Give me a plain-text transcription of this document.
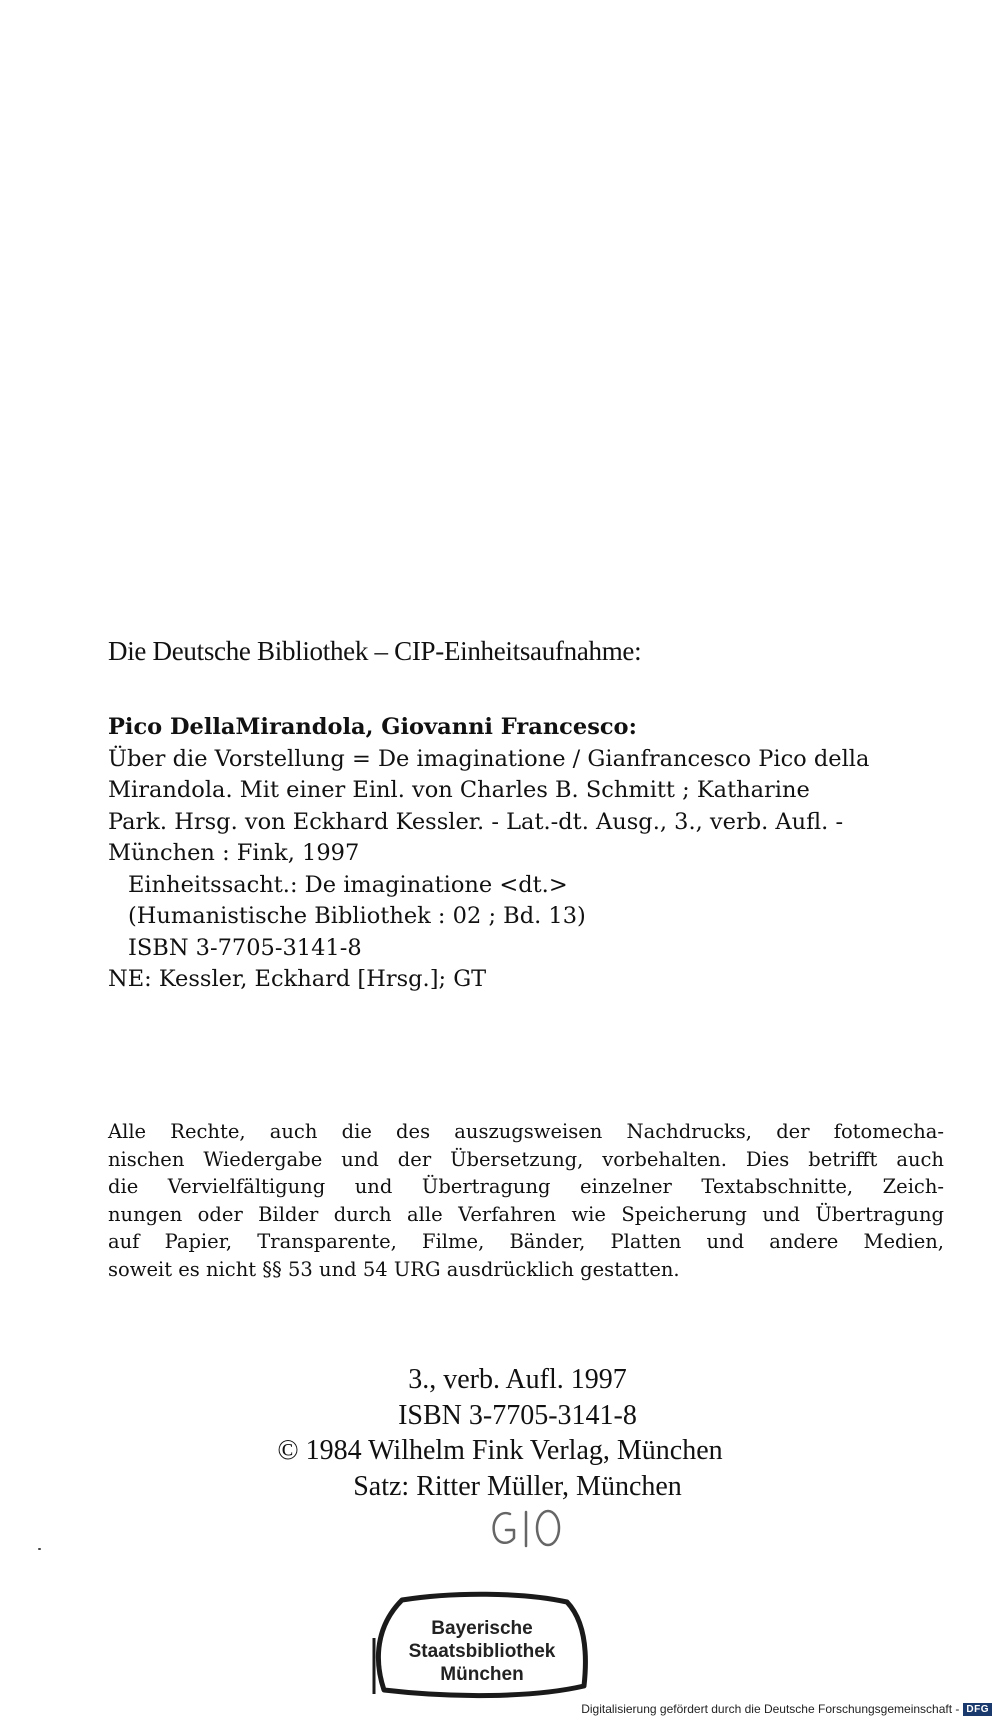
Die Deutsche Bibliothek – CIP-Einheitsaufnahme:
Pico DellaMirandola, Giovanni Francesco:
Über die Vorstellung = De imaginatione / Gianfrancesco Pico della
Mirandola. Mit einer Einl. von Charles B. Schmitt ; Katharine
Park. Hrsg. von Eckhard Kessler. - Lat.-dt. Ausg., 3., verb. Aufl. -
München : Fink, 1997
Einheitssacht.: De imaginatione <dt.>
(Humanistische Bibliothek : 02 ; Bd. 13)
ISBN 3-7705-3141-8
NE: Kessler, Eckhard [Hrsg.]; GT
Alle Rechte, auch die des auszugsweisen Nachdrucks, der fotomecha-
nischen Wiedergabe und der Übersetzung, vorbehalten. Dies betrifft auch
die Vervielfältigung und Übertragung einzelner Textabschnitte, Zeich-
nungen oder Bilder durch alle Verfahren wie Speicherung und Übertragung
auf Papier, Transparente, Filme, Bänder, Platten und andere Medien,
soweit es nicht §§ 53 und 54 URG ausdrücklich gestatten.
3., verb. Aufl. 1997
ISBN 3-7705-3141-8
© 1984 Wilhelm Fink Verlag, München
Satz: Ritter Müller, München
Bayerische
Staatsbibliothek
München
Digitalisierung gefördert durch die Deutsche Forschungsgemeinschaft - DFG
